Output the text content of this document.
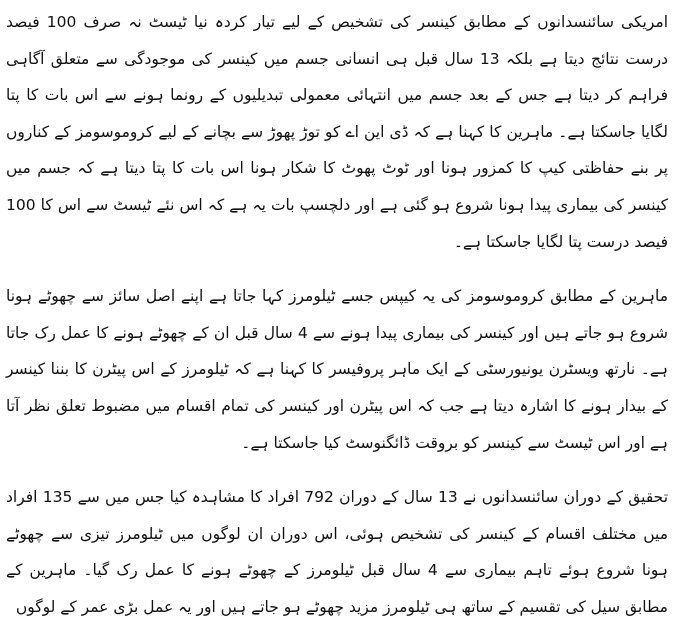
امریکی سائنسدانوں کے مطابق کینسر کی تشخیص کے لیے تیار کردہ نیا ٹیسٹ نہ صرف 100 فیصد درست نتائج دیتا ہے بلکہ 13 سال قبل ہی انسانی جسم میں کینسر کی موجودگی سے متعلق آگاہی فراہم کر دیتا ہے جس کے بعد جسم میں انتہائی معمولی تبدیلیوں کے رونما ہونے سے اس بات کا پتا لگایا جاسکتا ہے۔ ماہرین کا کہنا ہے کہ ڈی این اے کو توڑ پھوڑ سے بچانے کے لیے کروموسومز کے کناروں پر بنے حفاظتی کیپ کا کمزور ہونا اور ٹوٹ پھوٹ کا شکار ہونا اس بات کا پتا دیتا ہے کہ جسم میں کینسر کی بیماری پیدا ہونا شروع ہو گئی ہے اور دلچسپ بات یہ ہے کہ اس نئے ٹیسٹ سے اس کا 100 فیصد درست پتا لگایا جاسکتا ہے۔

ماہرین کے مطابق کروموسومز کی یہ کیپس جسے ٹیلومرز کہا جاتا ہے اپنے اصل سائز سے چھوٹے ہونا شروع ہو جاتے ہیں اور کینسر کی بیماری پیدا ہونے سے 4 سال قبل ان کے چھوٹے ہونے کا عمل رک جاتا ہے۔ نارتھ ویسٹرن یونیورسٹی کے ایک ماہر پروفیسر کا کہنا ہے کہ ٹیلومرز کے اس پیٹرن کا بننا کینسر کے بیدار ہونے کا اشارہ دیتا ہے جب کہ اس پیٹرن اور کینسر کی تمام اقسام میں مضبوط تعلق نظر آتا ہے اور اس ٹیسٹ سے کینسر کو بروقت ڈائگنوسٹ کیا جاسکتا ہے۔

تحقیق کے دوران سائنسدانوں نے 13 سال کے دوران 792 افراد کا مشاہدہ کیا جس میں سے 135 افراد میں مختلف اقسام کے کینسر کی تشخیص ہوئی، اس دوران ان لوگوں میں ٹیلومرز تیزی سے چھوٹے ہونا شروع ہوئے تاہم بیماری سے 4 سال قبل ٹیلومرز کے چھوٹے ہونے کا عمل رک گیا۔ ماہرین کے مطابق سیل کی تقسیم کے ساتھ ہی ٹیلومرز مزید چھوٹے ہو جاتے ہیں اور یہ عمل بڑی عمر کے لوگوں
